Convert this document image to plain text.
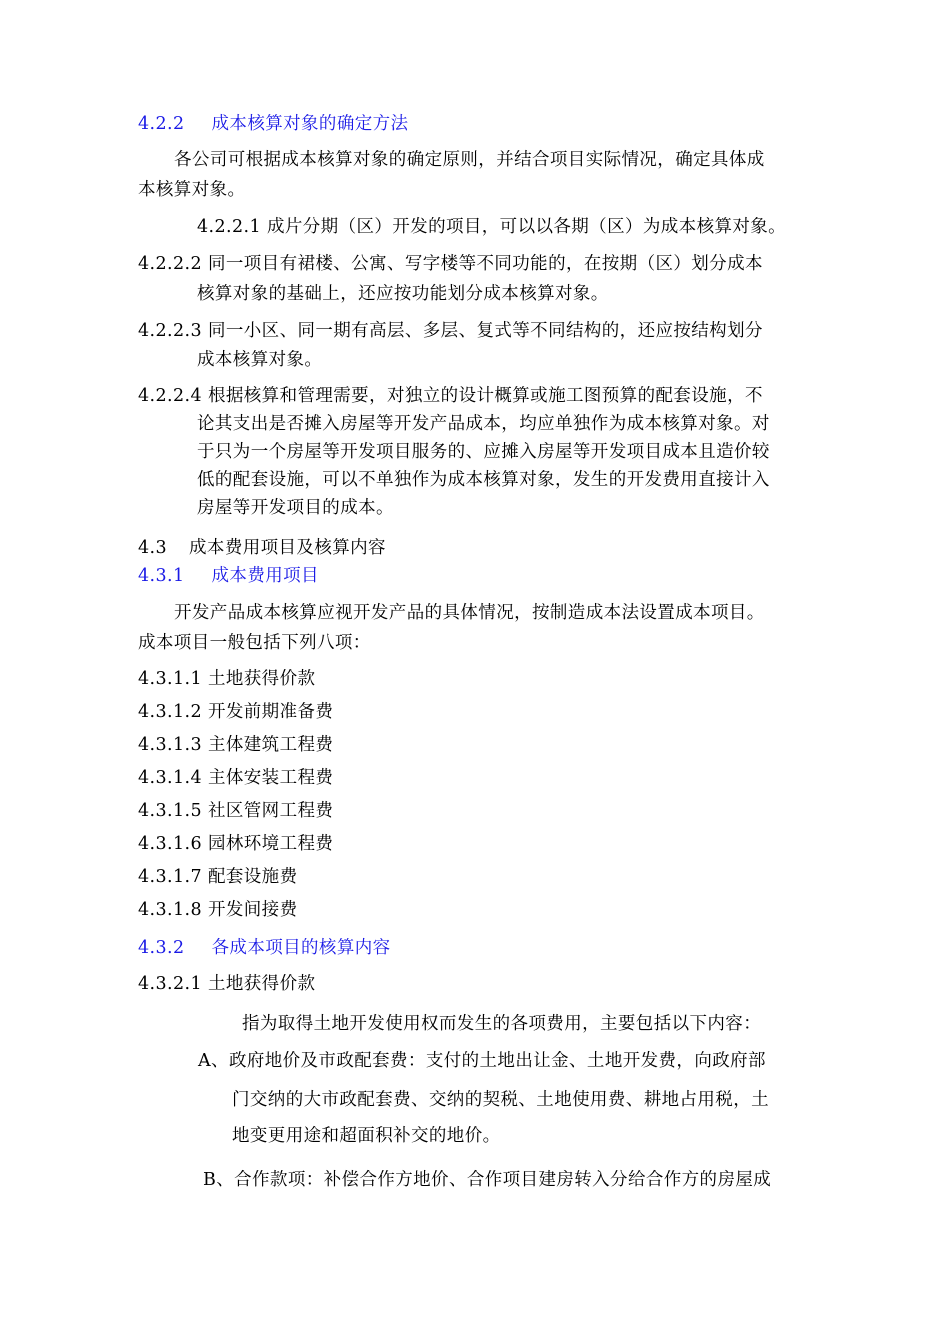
4.2.2 成本核算对象的确定方法
各公司可根据成本核算对象的确定原则，并结合项目实际情况，确定具体成
本核算对象。
4.2.2.1 成片分期（区）开发的项目，可以以各期（区）为成本核算对象。
4.2.2.2 同一项目有裙楼、公寓、写字楼等不同功能的，在按期（区）划分成本
核算对象的基础上，还应按功能划分成本核算对象。
4.2.2.3 同一小区、同一期有高层、多层、复式等不同结构的，还应按结构划分
成本核算对象。
4.2.2.4 根据核算和管理需要，对独立的设计概算或施工图预算的配套设施，不
论其支出是否摊入房屋等开发产品成本，均应单独作为成本核算对象。对
于只为一个房屋等开发项目服务的、应摊入房屋等开发项目成本且造价较
低的配套设施，可以不单独作为成本核算对象，发生的开发费用直接计入
房屋等开发项目的成本。
4.3 成本费用项目及核算内容
4.3.1 成本费用项目
开发产品成本核算应视开发产品的具体情况，按制造成本法设置成本项目。
成本项目一般包括下列八项：
4.3.1.1 土地获得价款
4.3.1.2 开发前期准备费
4.3.1.3 主体建筑工程费
4.3.1.4 主体安装工程费
4.3.1.5 社区管网工程费
4.3.1.6 园林环境工程费
4.3.1.7 配套设施费
4.3.1.8 开发间接费
4.3.2 各成本项目的核算内容
4.3.2.1 土地获得价款
指为取得土地开发使用权而发生的各项费用，主要包括以下内容：
A、政府地价及市政配套费：支付的土地出让金、土地开发费，向政府部
门交纳的大市政配套费、交纳的契税、土地使用费、耕地占用税，土
地变更用途和超面积补交的地价。
B、合作款项：补偿合作方地价、合作项目建房转入分给合作方的房屋成
